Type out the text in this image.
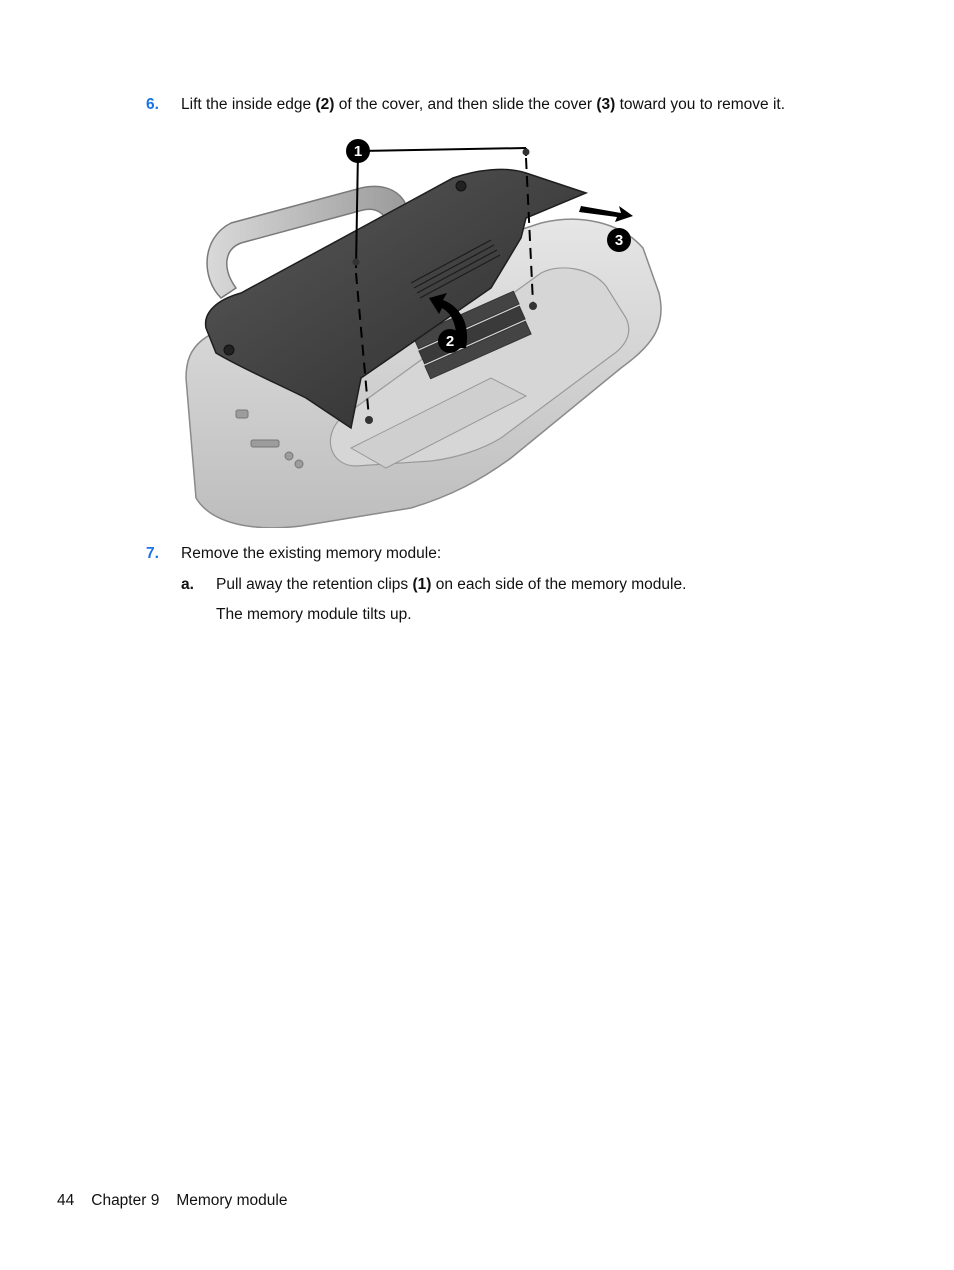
6. Lift the inside edge (2) of the cover, and then slide the cover (3) toward you to remove it.
1
2
3
7. Remove the existing memory module:
a. Pull away the retention clips (1) on each side of the memory module.
The memory module tilts up.
44 Chapter 9 Memory module
